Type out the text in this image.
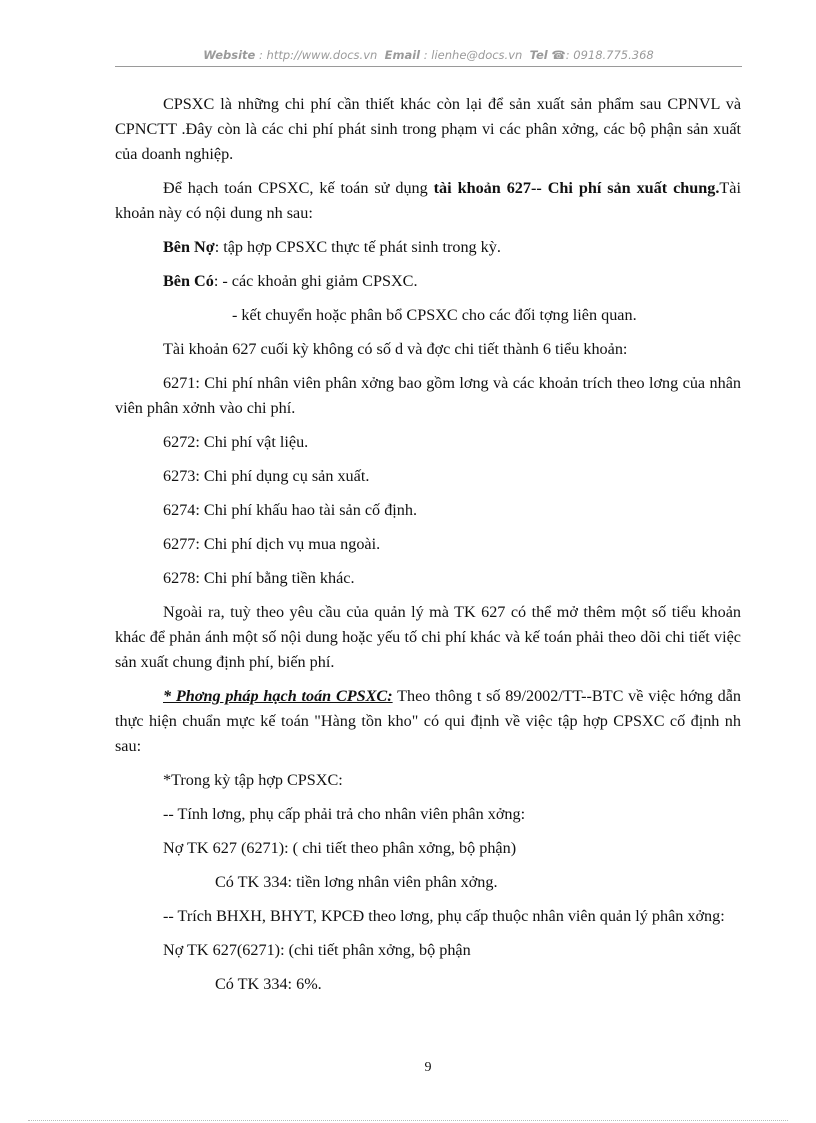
Website : http://www.docs.vn Email : lienhe@docs.vn Tel ☎: 0918.775.368

CPSXC là những chi phí cần thiết khác còn lại để sản xuất sản phẩm sau CPNVL và CPNCTT .Đây còn là các chi phí phát sinh trong phạm vi các phân xởng, các bộ phận sản xuất của doanh nghiệp.

Để hạch toán CPSXC, kế toán sử dụng tài khoản 627-- Chi phí sản xuất chung.Tài khoản này có nội dung nh sau:

Bên Nợ: tập hợp CPSXC thực tế phát sinh trong kỳ.

Bên Có: - các khoản ghi giảm CPSXC.

- kết chuyển hoặc phân bổ CPSXC cho các đối tợng liên quan.

Tài khoản 627 cuối kỳ không có số d và đợc chi tiết thành 6 tiểu khoản:

6271: Chi phí nhân viên phân xởng bao gồm lơng và các khoản trích theo lơng của nhân viên phân xởnh vào chi phí.

6272: Chi phí vật liệu.

6273: Chi phí dụng cụ sản xuất.

6274: Chi phí khấu hao tài sản cố định.

6277: Chi phí dịch vụ mua ngoài.

6278: Chi phí bằng tiền khác.

Ngoài ra, tuỳ theo yêu cầu của quản lý mà TK 627 có thể mở thêm một số tiểu khoản khác để phản ánh một số nội dung hoặc yếu tố chi phí khác và kế toán phải theo dõi chi tiết việc sản xuất chung định phí, biến phí.

* Phơng pháp hạch toán CPSXC: Theo thông t số 89/2002/TT--BTC về việc hớng dẫn thực hiện chuẩn mực kế toán "Hàng tồn kho" có qui định về việc tập hợp CPSXC cố định nh sau:

*Trong kỳ tập hợp CPSXC:

-- Tính lơng, phụ cấp phải trả cho nhân viên phân xởng:

Nợ TK 627 (6271): ( chi tiết theo phân xởng, bộ phận)

Có TK 334: tiền lơng nhân viên phân xởng.

-- Trích BHXH, BHYT, KPCĐ theo lơng, phụ cấp thuộc nhân viên quản lý phân xởng:

Nợ TK 627(6271): (chi tiết phân xởng, bộ phận

Có TK 334: 6%.

9
